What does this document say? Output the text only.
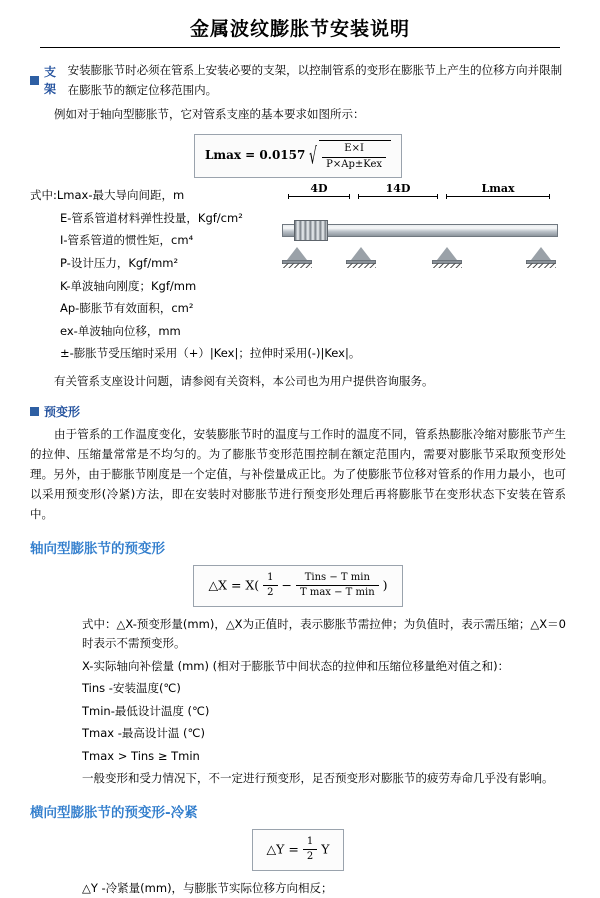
金属波纹膨胀节安装说明
支架
安装膨胀节时必须在管系上安装必要的支架，以控制管系的变形在膨胀节上产生的位移方向并限制在膨胀节的额定位移范围内。

例如对于轴向型膨胀节，它对管系支座的基本要求如图所示：

Lmax = 0.0157 √ $\frac{E\times I}{\text{P×Ap±Kex}}$
4D	14D	Lmax

式中:Lmax-最大导向间距，m

E-管系管道材料弹性投量，Kgf/cm²

I-管系管道的惯性矩，cm⁴

P-设计压力，Kgf/mm²

K-单波轴向刚度；Kgf/mm

Ap-膨胀节有效面积，cm²

ex-单波轴向位移，mm

±-膨胀节受压缩时采用（+）|Kex|；拉伸时采用(-)|Kex|。

有关管系支座设计问题，请参阅有关资料，本公司也为用户提供咨询服务。

预变形

由于管系的工作温度变化，安装膨胀节时的温度与工作时的温度不同，管系热膨胀冷缩对膨胀节产生的拉伸、压缩量常常是不均匀的。为了膨胀节变形范围控制在额定范围内，需要对膨胀节采取预变形处理。另外，由于膨胀节刚度是一个定值，与补偿量成正比。为了使膨胀节位移对管系的作用力最小，也可以采用预变形(冷紧)方法，即在安装时对膨胀节进行预变形处理后再将膨胀节在变形状态下安装在管系中。

轴向型膨胀节的预变形
△X = $X( \frac{1}{2} - \frac{\text{Tins − T min}}{\text{T max − T min}}$ )

式中：△X-预变形量(mm)，△X为正值时，表示膨胀节需拉伸；为负值时，表示需压缩；△X＝0时表示不需预变形。

X-实际轴向补偿量 (mm) (相对于膨胀节中间状态的拉伸和压缩位移量绝对值之和)：

Tins -安装温度(℃)

Tmin-最低设计温度 (℃)

Tmax -最高设计温 (℃)

Tmax > Tins ≥ Tmin

一般变形和受力情况下，不一定进行预变形，足否预变形对膨胀节的疲劳寿命几乎没有影响。

横向型膨胀节的预变形-冷紧
△Y = $\frac{1}{2}$ Y

△Y -冷紧量(mm)，与膨胀节实际位移方向相反；
